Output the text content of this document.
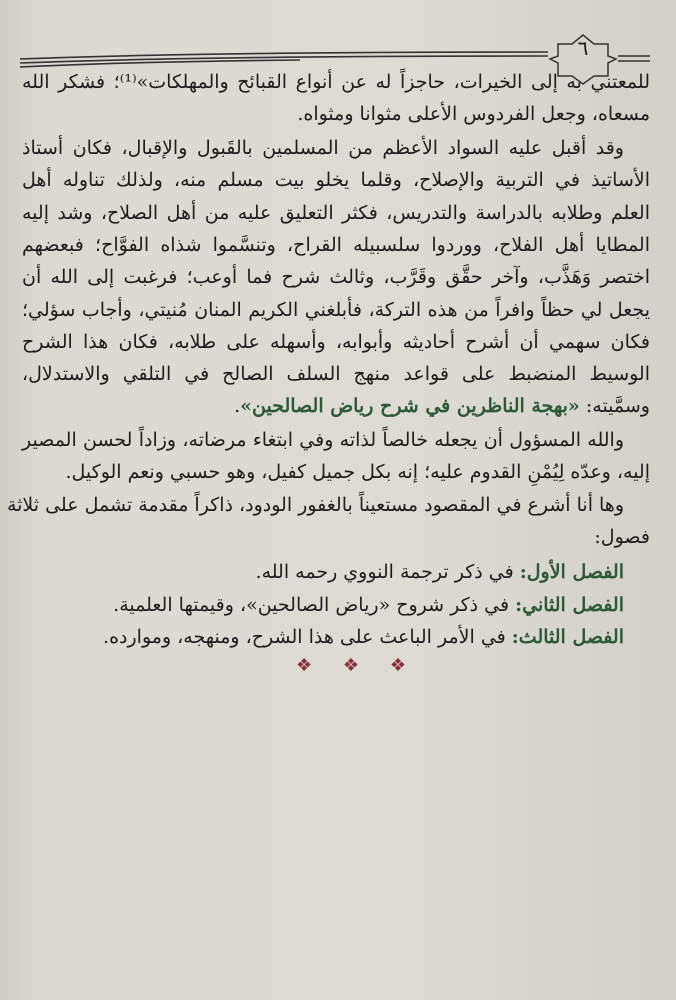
٦
للمعتني به إلى الخيرات، حاجزاً له عن أنواع القبائح والمهلكات»⁽¹⁾؛ فشكر الله
مسعاه، وجعل الفردوس الأعلى مثوانا ومثواه.
وقد أقبل عليه السواد الأعظم من المسلمين بالقَبول والإقبال، فكان أستاذ
الأساتيذ في التربية والإصلاح، وقلما يخلو بيت مسلم منه، ولذلك تناوله أهل
العلم وطلابه بالدراسة والتدريس، فكثر التعليق عليه من أهل الصلاح، وشد إليه
المطايا أهل الفلاح، ووردوا سلسبيله القراح، وتنسَّموا شذاه الفوَّاح؛ فبعضهم
اختصر وَهَذَّب، وآخر حقَّق وقَرَّب، وثالث شرح فما أوعب؛ فرغبت إلى الله أن
يجعل لي حظاً وافراً من هذه التركة، فأبلغني الكريم المنان مُنيتي، وأجاب سؤلي؛
فكان سهمي أن أشرح أحاديثه وأبوابه، وأسهله على طلابه، فكان هذا الشرح
الوسيط المنضبط على قواعد منهج السلف الصالح في التلقي والاستدلال،
وسمَّيته: «بهجة الناظرين في شرح رياض الصالحين».
والله المسؤول أن يجعله خالصاً لذاته وفي ابتغاء مرضاته، وزاداً لحسن المصير
إليه، وعدّه لِيُمْنِ القدوم عليه؛ إنه بكل جميل كفيل، وهو حسبي ونعم الوكيل.
وها أنا أشرع في المقصود مستعيناً بالغفور الودود، ذاكراً مقدمة تشمل على ثلاثة
فصول:
الفصل الأول: في ذكر ترجمة النووي رحمه الله.
الفصل الثاني: في ذكر شروح «رياض الصالحين»، وقيمتها العلمية.
الفصل الثالث: في الأمر الباعث على هذا الشرح، ومنهجه، وموارده.
❖ ❖ ❖
